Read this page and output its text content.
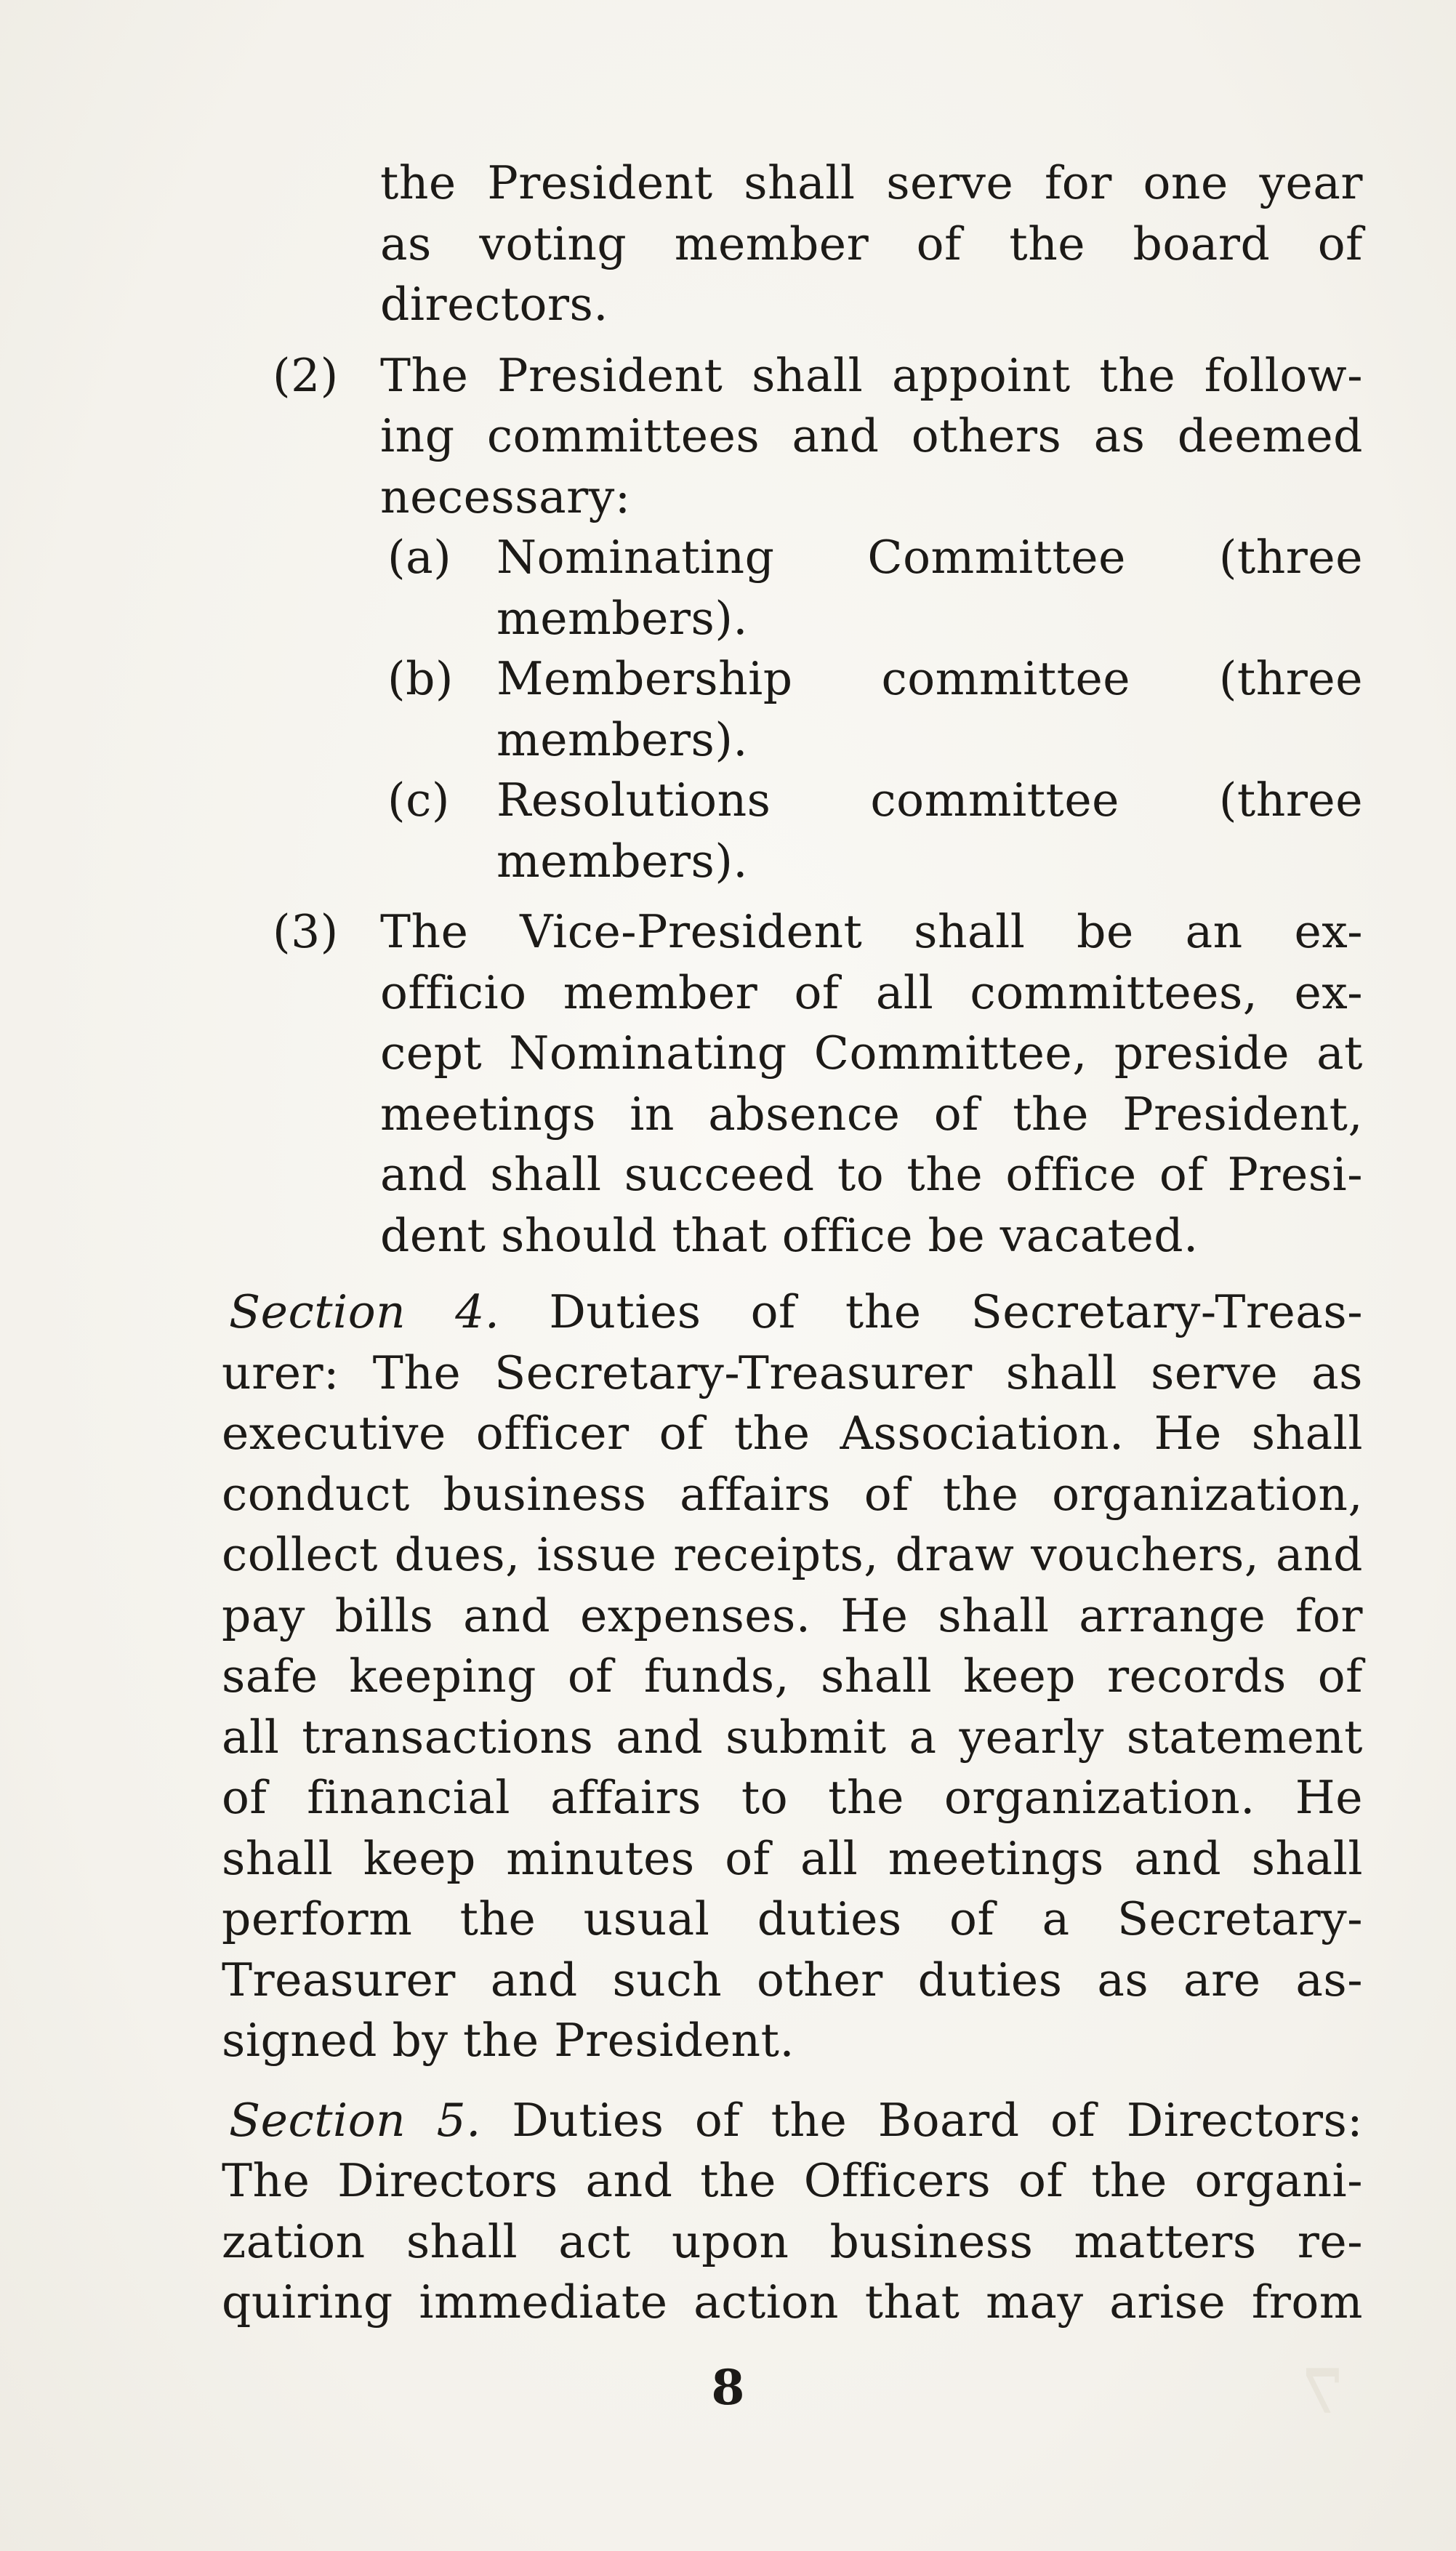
7
the President shall serve for one year
as voting member of the board of
directors.
(2) The President shall appoint the follow-
ing committees and others as deemed
necessary:
(a) Nominating Committee (three
members).
(b) Membership committee (three
members).
(c) Resolutions committee (three
members).
(3) The Vice-President shall be an ex-
officio member of all committees, ex-
cept Nominating Committee, preside at
meetings in absence of the President,
and shall succeed to the office of Presi-
dent should that office be vacated.
Section 4. Duties of the Secretary-Treas-
urer: The Secretary-Treasurer shall serve as
executive officer of the Association. He shall
conduct business affairs of the organization,
collect dues, issue receipts, draw vouchers, and
pay bills and expenses. He shall arrange for
safe keeping of funds, shall keep records of
all transactions and submit a yearly statement
of financial affairs to the organization. He
shall keep minutes of all meetings and shall
perform the usual duties of a Secretary-
Treasurer and such other duties as are as-
signed by the President.
Section 5. Duties of the Board of Directors:
The Directors and the Officers of the organi-
zation shall act upon business matters re-
quiring immediate action that may arise from
8
